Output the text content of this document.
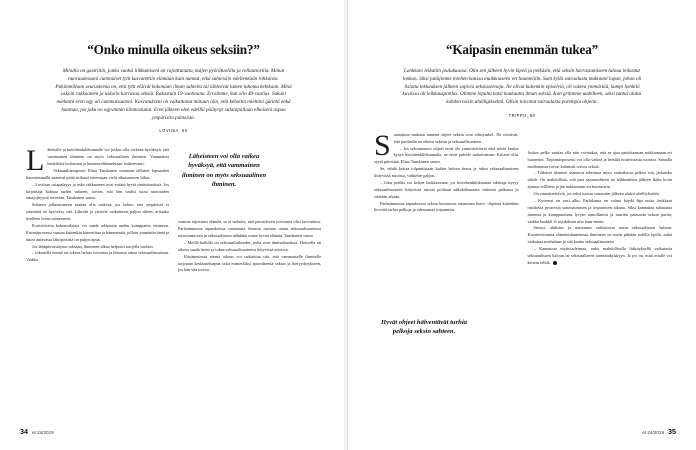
“Onko minulla oikeus seksiin?”
Minulla on gastriitin, jonka vuoksi liikkumiseni on rajoittunutta, kuljen pyörätuolilla ja rollaattorilla. Minun nuoruudessani cummulset tytit kasvatettiin elämään kuin nunnat, eikä suhteisiin edellenkään rohkaista. Puhimmillaan seurusleena on, että tytit eläivät kokonaan ilman suhteita tai lähteevät lamen tuhoma kelkkaan. Minä uskoin rakkaateen ja uskoiin harrasaa seksiä. Rakastuin 19-vuotiaana. Erosimme, kun olin 40-vuotias. Sukuni miekestä eron ogy oli cummaisuuteni. Kasvatukseni on vaikuttanut minuun niin, että kehoitin mieltäni gätintä enkä huomaa, jos joku on ogyvmmin kiinnostunut. Eren jälkeen olen edelllä päätynyt sulatapallaan elkoiseni ospaa ympäristin paineista.
LOVIISA, 60
L äheisille ja hoitohenkilökunnalle voi joskus olla vaikeaa hyväksyä, että vammainen ihminen on myös seksuaalinen ihminen. Vammaisia henkilöitä hoitavaan ja hinnenvaltimaehtaan hoihenvanti.

Seksuaaliterapeutti Elina Tanskanen muutaan tällaiset lapsuuden kasvatusmallit saatavat pitää itsikasti otteessaan vielä aikuisuuteen liikin.

– Loviisan ostapalayys ja usko rakkauteen ovat eritäin hyviä omituisuuksia. Jos kirjoittaja haltuaa uuden suhteen, toivon, että hän vaalisi tuota nuoruuden omajojttyyttä toiveään, Tanskanen sanoo.

Suhteen julkitamineen saattaa olla vaikeaa, jos kokee, että ympäristö et ymmärtä tai hyvviksy sitä. Lähtötit ja yritävät vaikuttavat paljon siihen, ariiaako itselleen luvan suhteeseen.

Positiivisista kokemuksista voi saada rohkeutta uuden kumppanin etsimeen. Etsimiiprosessi saattaa kuitenkin kaorettitaa ja hämmentiä, jolloin ymmärtäviäntä ja tukea antavasta lähtipörtistä on paljon apua.

Jos lähtipitöristäytuu tuksaan, ihmineen alkaa helpoitii navjella itseläin.

– tokaitella meinä on oikeus haluta toteuttaa ja ilmaista omaa seksuaalisuuttaan. Vaikka

vamma rajoittaisi elämää, se ei tarkoita, että partaolveen toivoonta olisi luovuttava. Parhaimmassa tapauksessa vammasta ihmistä tuetaan oman seksuaalisuutensa toteuttamiseen ja seksuaalisuun nähdään osana hyvää elämää, Tanskanen sanoo.

– Meillä kaikilla on seksuaalioikeudet, jotka ovat ihmisoikeuksia. Hoitsella on oikeus saada tietoa ja tukea seksuaalisuutensa liittyvissä asioissa.

Käyänestossä niemä oikeus voi tarkoittaa sitä, että vammaiselle ihmiselle tarjotaan keskusteluapua sekä esimerkiksi apuvälineitä seksin ja ihetyydytykseen, jos hän sitä toivoo.

Läheisteen voi olla vaikea hyväksyä, että vammainen ihminen on myös seksuaalinen ihminen.
34 et 24/2019
“Kaipasin enemmän tukea”
Lonkkani leikatiin joulukuussa. Olin sen jälkeen hyvin kipeä ja pelkäsin, että seksin harrastamiseen tulouu leikastut lonkan. Siksi jutäijimme miehen kanssa muikkoaseen ert haameiiiin. Suin kyllä sairaalasta muktaani lapun, johon oli lisiattu lekkauksen jälkeen sopivia seksiaseenoja. Ne olivat kuitenkin episelviä, oli vaikea ymmärtää, kumpi henkilö kuviissa oli leikkauspotilas. Olimme lopulta katsi kuukautta ilman seksiä. Kun gritimme uudelleen, seksi tuntui aluksi kahden toisin uhelligiksehtä. Ollsin toivonut sairaalasta parempia ohjeita.
TRIPPU, 80
S airaalasta mukaan annetut ohjeet seksin ovat edistyaskel. Ne viestivät, että potilaalla on oikeus seksiin ja seksuaalisuuteen.

– Jos seksiasennot ohjeet eivät ole ymmiirrettäviä eikä niistä keskia kysyä hoitohenkilökunnalta, ne eivät palvele tarkoitustaan. Esitteet olisi syytä päivittää, Elina Tanskanen sanoo.

Se, tehdä kotiaa tolpuntistaan kukiin halvaa tietoa ja tukea seksuaalisuuteen liittyvissä asioissa, vaihtelee paljon.

– Joku poitlas voi kokea loukkaavana, jos hoitohenkilökunnan oduttaja kysyy seksuaalisuuteen liittyvistä asioita potilaan näkokökunnata vaiteimi palkassa ja väärään aikaan.

Parhaimmassa tapauksessa seksin huomioon ottaminen hoito- ohjeissa kuitenkin lieviittä turhia pelkoja ja odessantaa toipumista.

Joskus pelko saattaa olla niin voimakas, että se ajaa partokaaman nukkiamaan ert huonetiin. Toipumisprosessi voi olla vaikea ja heistää riottivitsasta tuontoa. Samalla moölemmat voivat kuhnistit toivoa seksiä.

– Tällaiset tilanteet saattavat aiheuttaa myos voimakasta pelkoa sitä, järkaisko suhde. On mahdollista, että pari saitaanohteen tai leikkauksen jälkeen lkiiin koitn ajastuu erillleen ja jää nukkumaan ert huonetstin.

On ymmärrettäviä, jos seksi tuntuu sairauden jälkeen aluksi uhelliyksehtä.

– Kysenssi on uusi alku. Parhikanta on voinut käydä läpi uutta, heikkeni rastituvia prosessja sairaistumisen ja toipumisen aikana. Siksi kannattaa suhtautua itseensä ja kumppaniinsa lyvyin armollinesti ja nasritta palasusta seksin paritn, vaikka kaahkil el sujukikaan niin kuin ennen.

Stressi, ahdistus ja masennus vaikuttavat usein seksuaalisuen haluun. Kuoriettivaansa elämäntilantenessa ihmineen on usein pitkään todella kpiila, mikä vaikuttaa miehalaan ja sitä kautta seksuaalisuuteen.

– Kannatraa myttviarleimaa, onko mahdollisella lääkityksellä vaikutusta seksuaalisuen haluun tai seksuaaliseen toimintakykkyyn. Ja jos on, mitä asialle voi kertein tehdä.

Hyvät ohjeet hälventävät turhia pelkoja seksin sahteen.
et 24/2019 35
